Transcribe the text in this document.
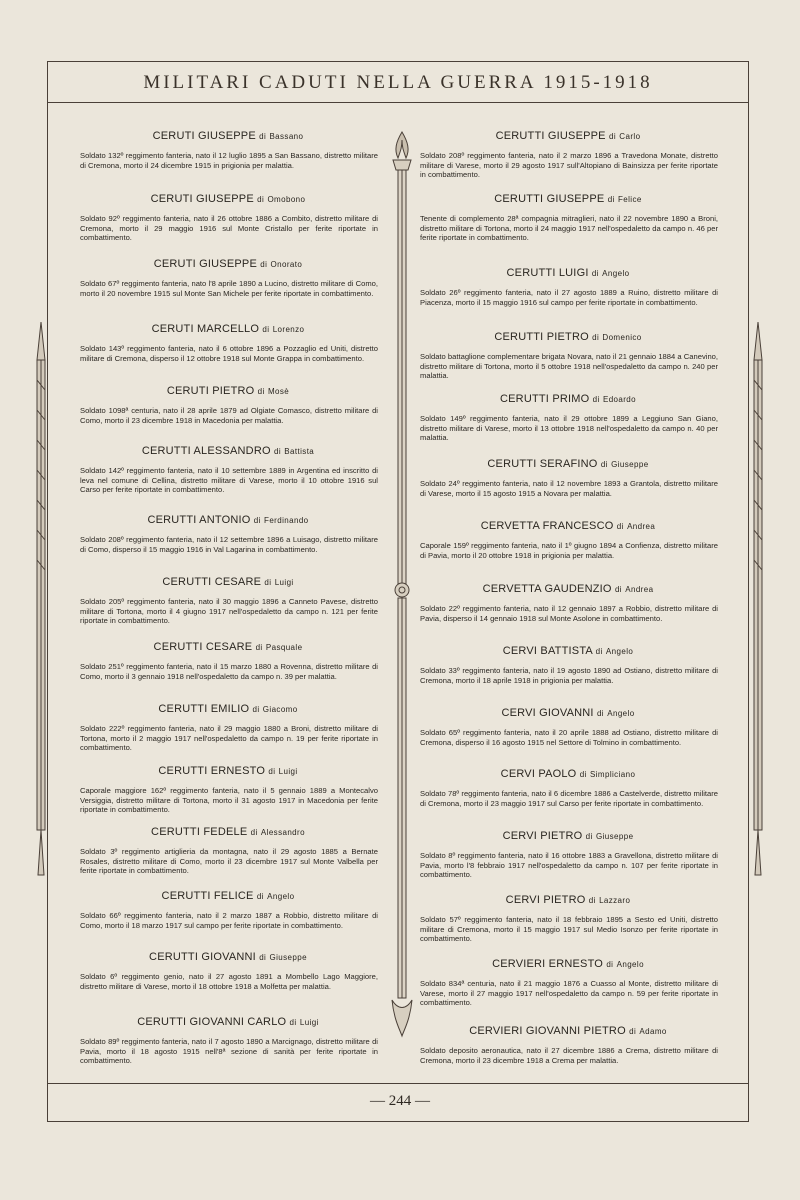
MILITARI CADUTI NELLA GUERRA 1915-1918
CERUTI GIUSEPPE di Bassano
Soldato 132º reggimento fanteria, nato il 12 luglio 1895 a San Bassano, distretto militare di Cremona, morto il 24 dicembre 1915 in prigionia per malattia.
CERUTI GIUSEPPE di Omobono
Soldato 92º reggimento fanteria, nato il 26 ottobre 1886 a Combito, distretto militare di Cremona, morto il 29 maggio 1916 sul Monte Cristallo per ferite riportate in combattimento.
CERUTI GIUSEPPE di Onorato
Soldato 67º reggimento fanteria, nato l'8 aprile 1890 a Lucino, distretto militare di Como, morto il 20 novembre 1915 sul Monte San Michele per ferite riportate in combattimento.
CERUTI MARCELLO di Lorenzo
Soldato 143º reggimento fanteria, nato il 6 ottobre 1896 a Pozzaglio ed Uniti, distretto militare di Cremona, disperso il 12 ottobre 1918 sul Monte Grappa in combattimento.
CERUTI PIETRO di Mosè
Soldato 1098ª centuria, nato il 28 aprile 1879 ad Olgiate Comasco, distretto militare di Como, morto il 23 dicembre 1918 in Macedonia per malattia.
CERUTTI ALESSANDRO di Battista
Soldato 142º reggimento fanteria, nato il 10 settembre 1889 in Argentina ed inscritto di leva nel comune di Cellina, distretto militare di Varese, morto il 10 ottobre 1916 sul Carso per ferite riportate in combattimento.
CERUTTI ANTONIO di Ferdinando
Soldato 208º reggimento fanteria, nato il 12 settembre 1896 a Luisago, distretto militare di Como, disperso il 15 maggio 1916 in Val Lagarina in combattimento.
CERUTTI CESARE di Luigi
Soldato 205º reggimento fanteria, nato il 30 maggio 1896 a Canneto Pavese, distretto militare di Tortona, morto il 4 giugno 1917 nell'ospedaletto da campo n. 121 per ferite riportate in combattimento.
CERUTTI CESARE di Pasquale
Soldato 251º reggimento fanteria, nato il 15 marzo 1880 a Rovenna, distretto militare di Como, morto il 3 gennaio 1918 nell'ospedaletto da campo n. 39 per malattia.
CERUTTI EMILIO di Giacomo
Soldato 222º reggimento fanteria, nato il 29 maggio 1880 a Broni, distretto militare di Tortona, morto il 2 maggio 1917 nell'ospedaletto da campo n. 19 per ferite riportate in combattimento.
CERUTTI ERNESTO di Luigi
Caporale maggiore 162º reggimento fanteria, nato il 5 gennaio 1889 a Montecalvo Versiggia, distretto militare di Tortona, morto il 31 agosto 1917 in Macedonia per ferite riportate in combattimento.
CERUTTI FEDELE di Alessandro
Soldato 3º reggimento artiglieria da montagna, nato il 29 agosto 1885 a Bernate Rosales, distretto militare di Como, morto il 23 dicembre 1917 sul Monte Valbella per ferite riportate in combattimento.
CERUTTI FELICE di Angelo
Soldato 66º reggimento fanteria, nato il 2 marzo 1887 a Robbio, distretto militare di Como, morto il 18 marzo 1917 sul campo per ferite riportate in combattimento.
CERUTTI GIOVANNI di Giuseppe
Soldato 6º reggimento genio, nato il 27 agosto 1891 a Mombello Lago Maggiore, distretto militare di Varese, morto il 18 ottobre 1918 a Molfetta per malattia.
CERUTTI GIOVANNI CARLO di Luigi
Soldato 89º reggimento fanteria, nato il 7 agosto 1890 a Marcignago, distretto militare di Pavia, morto il 18 agosto 1915 nell'8ª sezione di sanità per ferite riportate in combattimento.
CERUTTI GIUSEPPE di Carlo
Soldato 208º reggimento fanteria, nato il 2 marzo 1896 a Travedona Monate, distretto militare di Varese, morto il 29 agosto 1917 sull'Altopiano di Bainsizza per ferite riportate in combattimento.
CERUTTI GIUSEPPE di Felice
Tenente di complemento 28ª compagnia mitraglieri, nato il 22 novembre 1890 a Broni, distretto militare di Tortona, morto il 24 maggio 1917 nell'ospedaletto da campo n. 46 per ferite riportate in combattimento.
CERUTTI LUIGI di Angelo
Soldato 26º reggimento fanteria, nato il 27 agosto 1889 a Ruino, distretto militare di Piacenza, morto il 15 maggio 1916 sul campo per ferite riportate in combattimento.
CERUTTI PIETRO di Domenico
Soldato battaglione complementare brigata Novara, nato il 21 gennaio 1884 a Canevino, distretto militare di Tortona, morto il 5 ottobre 1918 nell'ospedaletto da campo n. 240 per malattia.
CERUTTI PRIMO di Edoardo
Soldato 149º reggimento fanteria, nato il 29 ottobre 1899 a Leggiuno San Giano, distretto militare di Varese, morto il 13 ottobre 1918 nell'ospedaletto da campo n. 40 per malattia.
CERUTTI SERAFINO di Giuseppe
Soldato 24º reggimento fanteria, nato il 12 novembre 1893 a Grantola, distretto militare di Varese, morto il 15 agosto 1915 a Novara per malattia.
CERVETTA FRANCESCO di Andrea
Caporale 159º reggimento fanteria, nato il 1º giugno 1894 a Confienza, distretto militare di Pavia, morto il 20 ottobre 1918 in prigionia per malattia.
CERVETTA GAUDENZIO di Andrea
Soldato 22º reggimento fanteria, nato il 12 gennaio 1897 a Robbio, distretto militare di Pavia, disperso il 14 gennaio 1918 sul Monte Asolone in combattimento.
CERVI BATTISTA di Angelo
Soldato 33º reggimento fanteria, nato il 19 agosto 1890 ad Ostiano, distretto militare di Cremona, morto il 18 aprile 1918 in prigionia per malattia.
CERVI GIOVANNI di Angelo
Soldato 65º reggimento fanteria, nato il 20 aprile 1888 ad Ostiano, distretto militare di Cremona, disperso il 16 agosto 1915 nel Settore di Tolmino in combattimento.
CERVI PAOLO di Simpliciano
Soldato 78º reggimento fanteria, nato il 6 dicembre 1886 a Castelverde, distretto militare di Cremona, morto il 23 maggio 1917 sul Carso per ferite riportate in combattimento.
CERVI PIETRO di Giuseppe
Soldato 8º reggimento fanteria, nato il 16 ottobre 1883 a Gravellona, distretto militare di Pavia, morto l'8 febbraio 1917 nell'ospedaletto da campo n. 107 per ferite riportate in combattimento.
CERVI PIETRO di Lazzaro
Soldato 57º reggimento fanteria, nato il 18 febbraio 1895 a Sesto ed Uniti, distretto militare di Cremona, morto il 15 maggio 1917 sul Medio Isonzo per ferite riportate in combattimento.
CERVIERI ERNESTO di Angelo
Soldato 834ª centuria, nato il 21 maggio 1876 a Cuasso al Monte, distretto militare di Varese, morto il 27 maggio 1917 nell'ospedaletto da campo n. 59 per ferite riportate in combattimento.
CERVIERI GIOVANNI PIETRO di Adamo
Soldato deposito aeronautica, nato il 27 dicembre 1886 a Crema, distretto militare di Cremona, morto il 23 dicembre 1918 a Crema per malattia.
— 244 —
